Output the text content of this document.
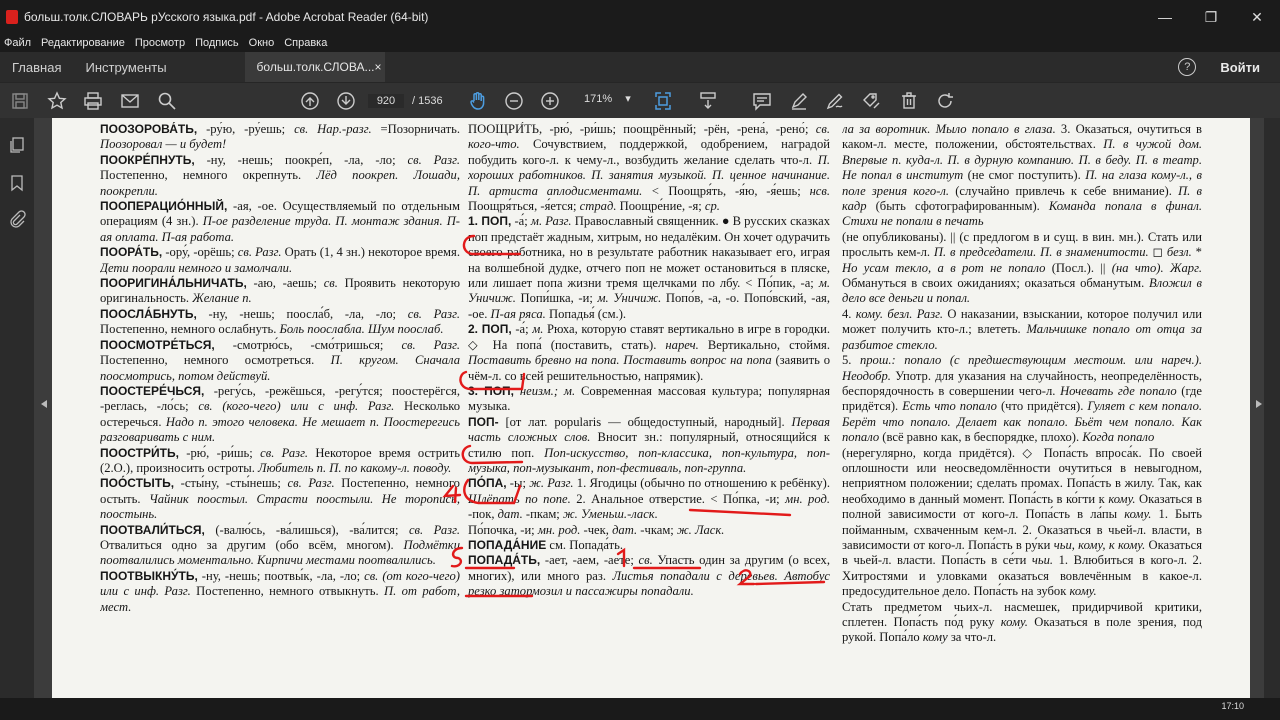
больш.толк.СЛОВАРЬ рУсского языка.pdf - Adobe Acrobat Reader (64-bit)	—	❐	✕
Файл Редактирование Просмотр Подпись Окно Справка
Главная	Инструменты	больш.толк.СЛОВА... ×	?	Войти
920	/ 1536	171% ▾

ПООЗОРОВА́ТЬ, -ру́ю, -ру́ешь; св. Нар.-разг. =Позорничать. Поозоровал — и будет!

ПООКРЕ́ПНУТЬ, -ну, -нешь; поокре́п, -ла, -ло; св. Разг. Постепенно, немного окрепнуть. Лёд поокреп. Лошади, поокрепли.

ПООПЕРАЦИО́ННЫЙ, -ая, -ое. Осуществляемый по отдельным операциям (4 зн.). П-ое разделение труда. П. монтаж здания. П-ая оплата. П-ая работа.

ПООРА́ТЬ, -ору́, -орёшь; св. Разг. Орать (1, 4 зн.) некоторое время. Дети поорали немного и замолчали.

ПООРИГИНА́ЛЬНИЧАТЬ, -аю, -аешь; св. Проявить некоторую оригинальность. Желание п.

ПООСЛА́БНУТЬ, -ну, -нешь; поосла́б, -ла, -ло; св. Разг. Постепенно, немного ослабнуть. Боль поослабла. Шум поослаб.

ПООСМОТРЕ́ТЬСЯ, -смотрю́сь, -смо́тришься; св. Разг. Постепенно, немного осмотреться. П. кругом. Сначала поосмотрись, потом действуй.

ПООСТЕРЕ́ЧЬСЯ, -регу́сь, -режёшься, -регу́тся; поостерёгся, -реглась, -ло́сь; св. (кого-чего) или с инф. Разг. Несколько остеречься. Надо п. этого человека. Не мешает п. Поостерегись разговаривать с ним.

ПООСТРИ́ТЬ, -рю́, -ри́шь; св. Разг. Некоторое время острить (2.О.), произносить остроты. Любитель п. П. по какому-л. поводу.

ПОО́СТЫТЬ, -сты́ну, -сты́нешь; св. Разг. Постепенно, немного остыть. Чайник поостыл. Страсти поостыли. Не торопись, поостынь.

ПООТВАЛИ́ТЬСЯ, (-валю́сь, -ва́лишься), -ва́лится; св. Разг. Отвалиться одно за другим (обо всём, многом). Подмётки поотвалились моментально. Кирпичи местами поотвалились.

ПООТВЫКНУ́ТЬ, -ну, -нешь; поотвы́к, -ла, -ло; св. (от кого-чего) или с инф. Разг. Постепенно, немного отвыкнуть. П. от работ, мест.

ПООЩРИ́ТЬ, -рю́, -ри́шь; поощрённый; -рён, -рена́, -рено́; св. кого-что. Сочувствием, поддержкой, одобрением, наградой побудить кого-л. к чему-л., возбудить желание сделать что-л. П. хороших работников. П. занятия музыкой. П. ценное начинание. П. артиста аплодисментами. < Поощря́ть, -я́ю, -я́ешь; нсв. Поощря́ться, -я́ется; страд. Поощре́ние, -я; ср.

1. ПОП, -а́; м. Разг. Православный священник. ● В русских сказках поп предстаёт жадным, хитрым, но недалёким. Он хочет одурачить своего работника, но в результате работник наказывает его, играя на волшебной дудке, отчего поп не может остановиться в пляске, или лишает попа жизни тремя щелчками по лбу. < По́пик, -а; м. Уничиж. Попи́шка, -и; м. Уничиж. Попо́в, -а, -о. Попо́вский, -ая, -ое. П-ая ряса. Попадья́ (см.).

2. ПОП, -а́; м. Рюха, которую ставят вертикально в игре в городки. ◇ На попа́ (поставить, стать). нареч. Вертикально, стоймя. Поставить бревно на попа. Поставить вопрос на попа (заявить о чём-л. со всей решительностью, напрямик).

3. ПОП, неизм.; м. Современная массовая культура; популярная музыка.

ПОП- [от лат. popularis — общедоступный, народный]. Первая часть сложных слов. Вносит зн.: популярный, относящийся к стилю поп. Поп-искусство, поп-классика, поп-культура, поп-музыка, поп-музыкант, поп-фестиваль, поп-группа.

ПО́ПА, -ы; ж. Разг. 1. Ягодицы (обычно по отношению к ребёнку). Шлёпать по попе. 2. Анальное отверстие. < По́пка, -и; мн. род. -пок, дат. -пкам; ж. Уменьш.-ласк.

По́почка, -и; мн. род. -чек, дат. -чкам; ж. Ласк.

ПОПАДА́НИЕ см. Попада́ть.

ПОПАДА́ТЬ, -ает, -аем, -аете; св. Упасть один за другим (о всех, многих), или много раз. Листья попадали с деревьев. Автобус резко затормозил и пассажиры попадали.

ла за воротник. Мыло попало в глаза. 3. Оказаться, очутиться в каком-л. месте, положении, обстоятельствах. П. в чужой дом. Впервые п. куда-л. П. в дурную компанию. П. в беду. П. в театр. Не попал в институт (не смог поступить). П. на глаза кому-л., в поле зрения кого-л. (случайно привлечь к себе внимание). П. в кадр (быть сфотографированным). Команда попала в финал. Стихи не попали в печать

(не опубликованы). || (с предлогом в и сущ. в вин. мн.). Стать или прослыть кем-л. П. в председатели. П. в знаменитости. ◻ безл. * Но усам текло, а в рот не попало (Посл.). || (на что). Жарг. Обмануться в своих ожиданиях; оказаться обманутым. Вложил в дело все деньги и попал.

4. кому. безл. Разг. О наказании, взыскании, которое получил или может получить кто-л.; влететь. Мальчишке попало от отца за разбитое стекло.

5. прош.: попало (с предшествующим местоим. или нареч.). Неодобр. Употр. для указания на случайность, неопределённость, беспорядочность в совершении чего-л. Ночевать где попало (где придётся). Есть что попало (что придётся). Гуляет с кем попало. Берёт что попало. Делает как попало. Бьёт чем попало. Как попало (всё равно как, в беспорядке, плохо). Когда попало

(нерегулярно, когда придётся). ◇ Попа́сть впроса́к. По своей оплошности или неосведомлённости очутиться в невыгодном, неприятном положении; сделать промах. Попа́сть в жилу. Так, как необходимо в данный момент. Попа́сть в ко́гти к кому. Оказаться в полной зависимости от кого-л. Попа́сть в ла́пы кому. 1. Быть пойманным, схваченным кем-л. 2. Оказаться в чьей-л. власти, в зависимости от кого-л. Попа́сть в ру́ки чьи, кому, к кому. Оказаться в чьей-л. власти. Попа́сть в се́ти чьи. 1. Влюбиться в кого-л. 2. Хитростями и уловками оказаться вовлечённым в какое-л. предосудительное дело. Попа́сть на зубок кому.

Стать предметом чьих-л. насмешек, придирчивой критики, сплетен. Попа́сть по́д руку кому. Оказаться в поле зрения, под рукой. Попа́ло кому за что-л.

17:10
